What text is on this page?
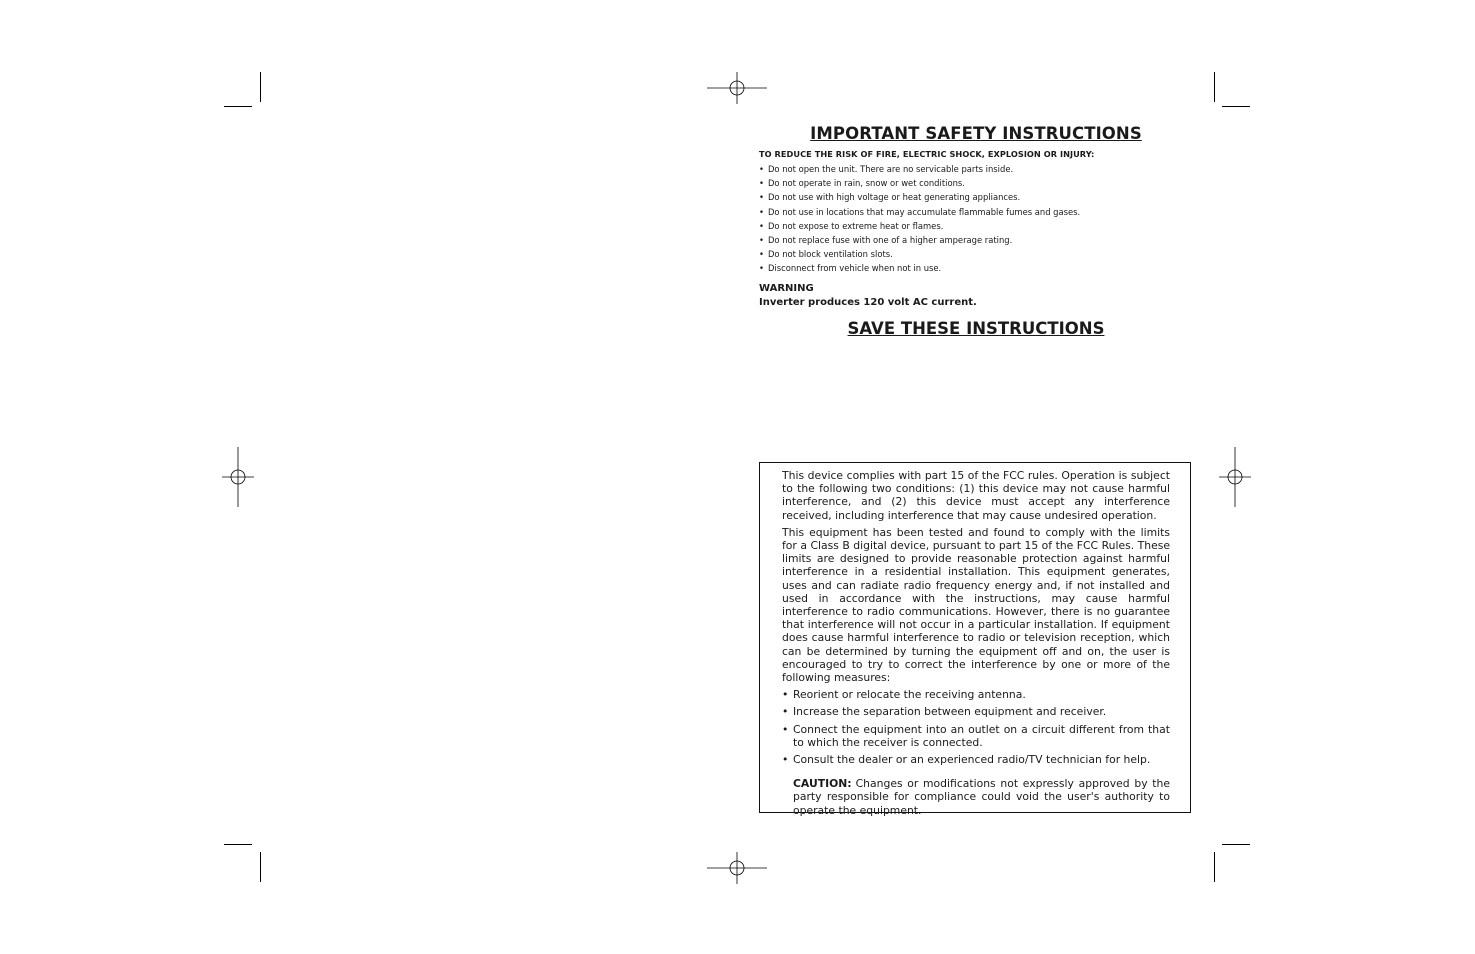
IMPORTANT SAFETY INSTRUCTIONS
TO REDUCE THE RISK OF FIRE, ELECTRIC SHOCK, EXPLOSION OR INJURY:
• Do not open the unit. There are no servicable parts inside.
• Do not operate in rain, snow or wet conditions.
• Do not use with high voltage or heat generating appliances.
• Do not use in locations that may accumulate flammable fumes and gases.
• Do not expose to extreme heat or flames.
• Do not replace fuse with one of a higher amperage rating.
• Do not block ventilation slots.
• Disconnect from vehicle when not in use.
WARNING
Inverter produces 120 volt AC current.
SAVE THESE INSTRUCTIONS

This device complies with part 15 of the FCC rules. Operation is subject to the following two conditions: (1) this device may not cause harmful interference, and (2) this device must accept any interference received, including interference that may cause undesired operation.

This equipment has been tested and found to comply with the limits for a Class B digital device, pursuant to part 15 of the FCC Rules. These limits are designed to provide reasonable protection against harmful interference in a residential installation. This equipment generates, uses and can radiate radio frequency energy and, if not installed and used in accordance with the instructions, may cause harmful interference to radio communications. However, there is no guarantee that interference will not occur in a particular installation. If equipment does cause harmful interference to radio or television reception, which can be determined by turning the equipment off and on, the user is encouraged to try to correct the interference by one or more of the following measures:

• Reorient or relocate the receiving antenna.
• Increase the separation between equipment and receiver.
• Connect the equipment into an outlet on a circuit different from that to which the receiver is connected.
• Consult the dealer or an experienced radio/TV technician for help.

CAUTION: Changes or modifications not expressly approved by the party responsible for compliance could void the user's authority to operate the equipment.
